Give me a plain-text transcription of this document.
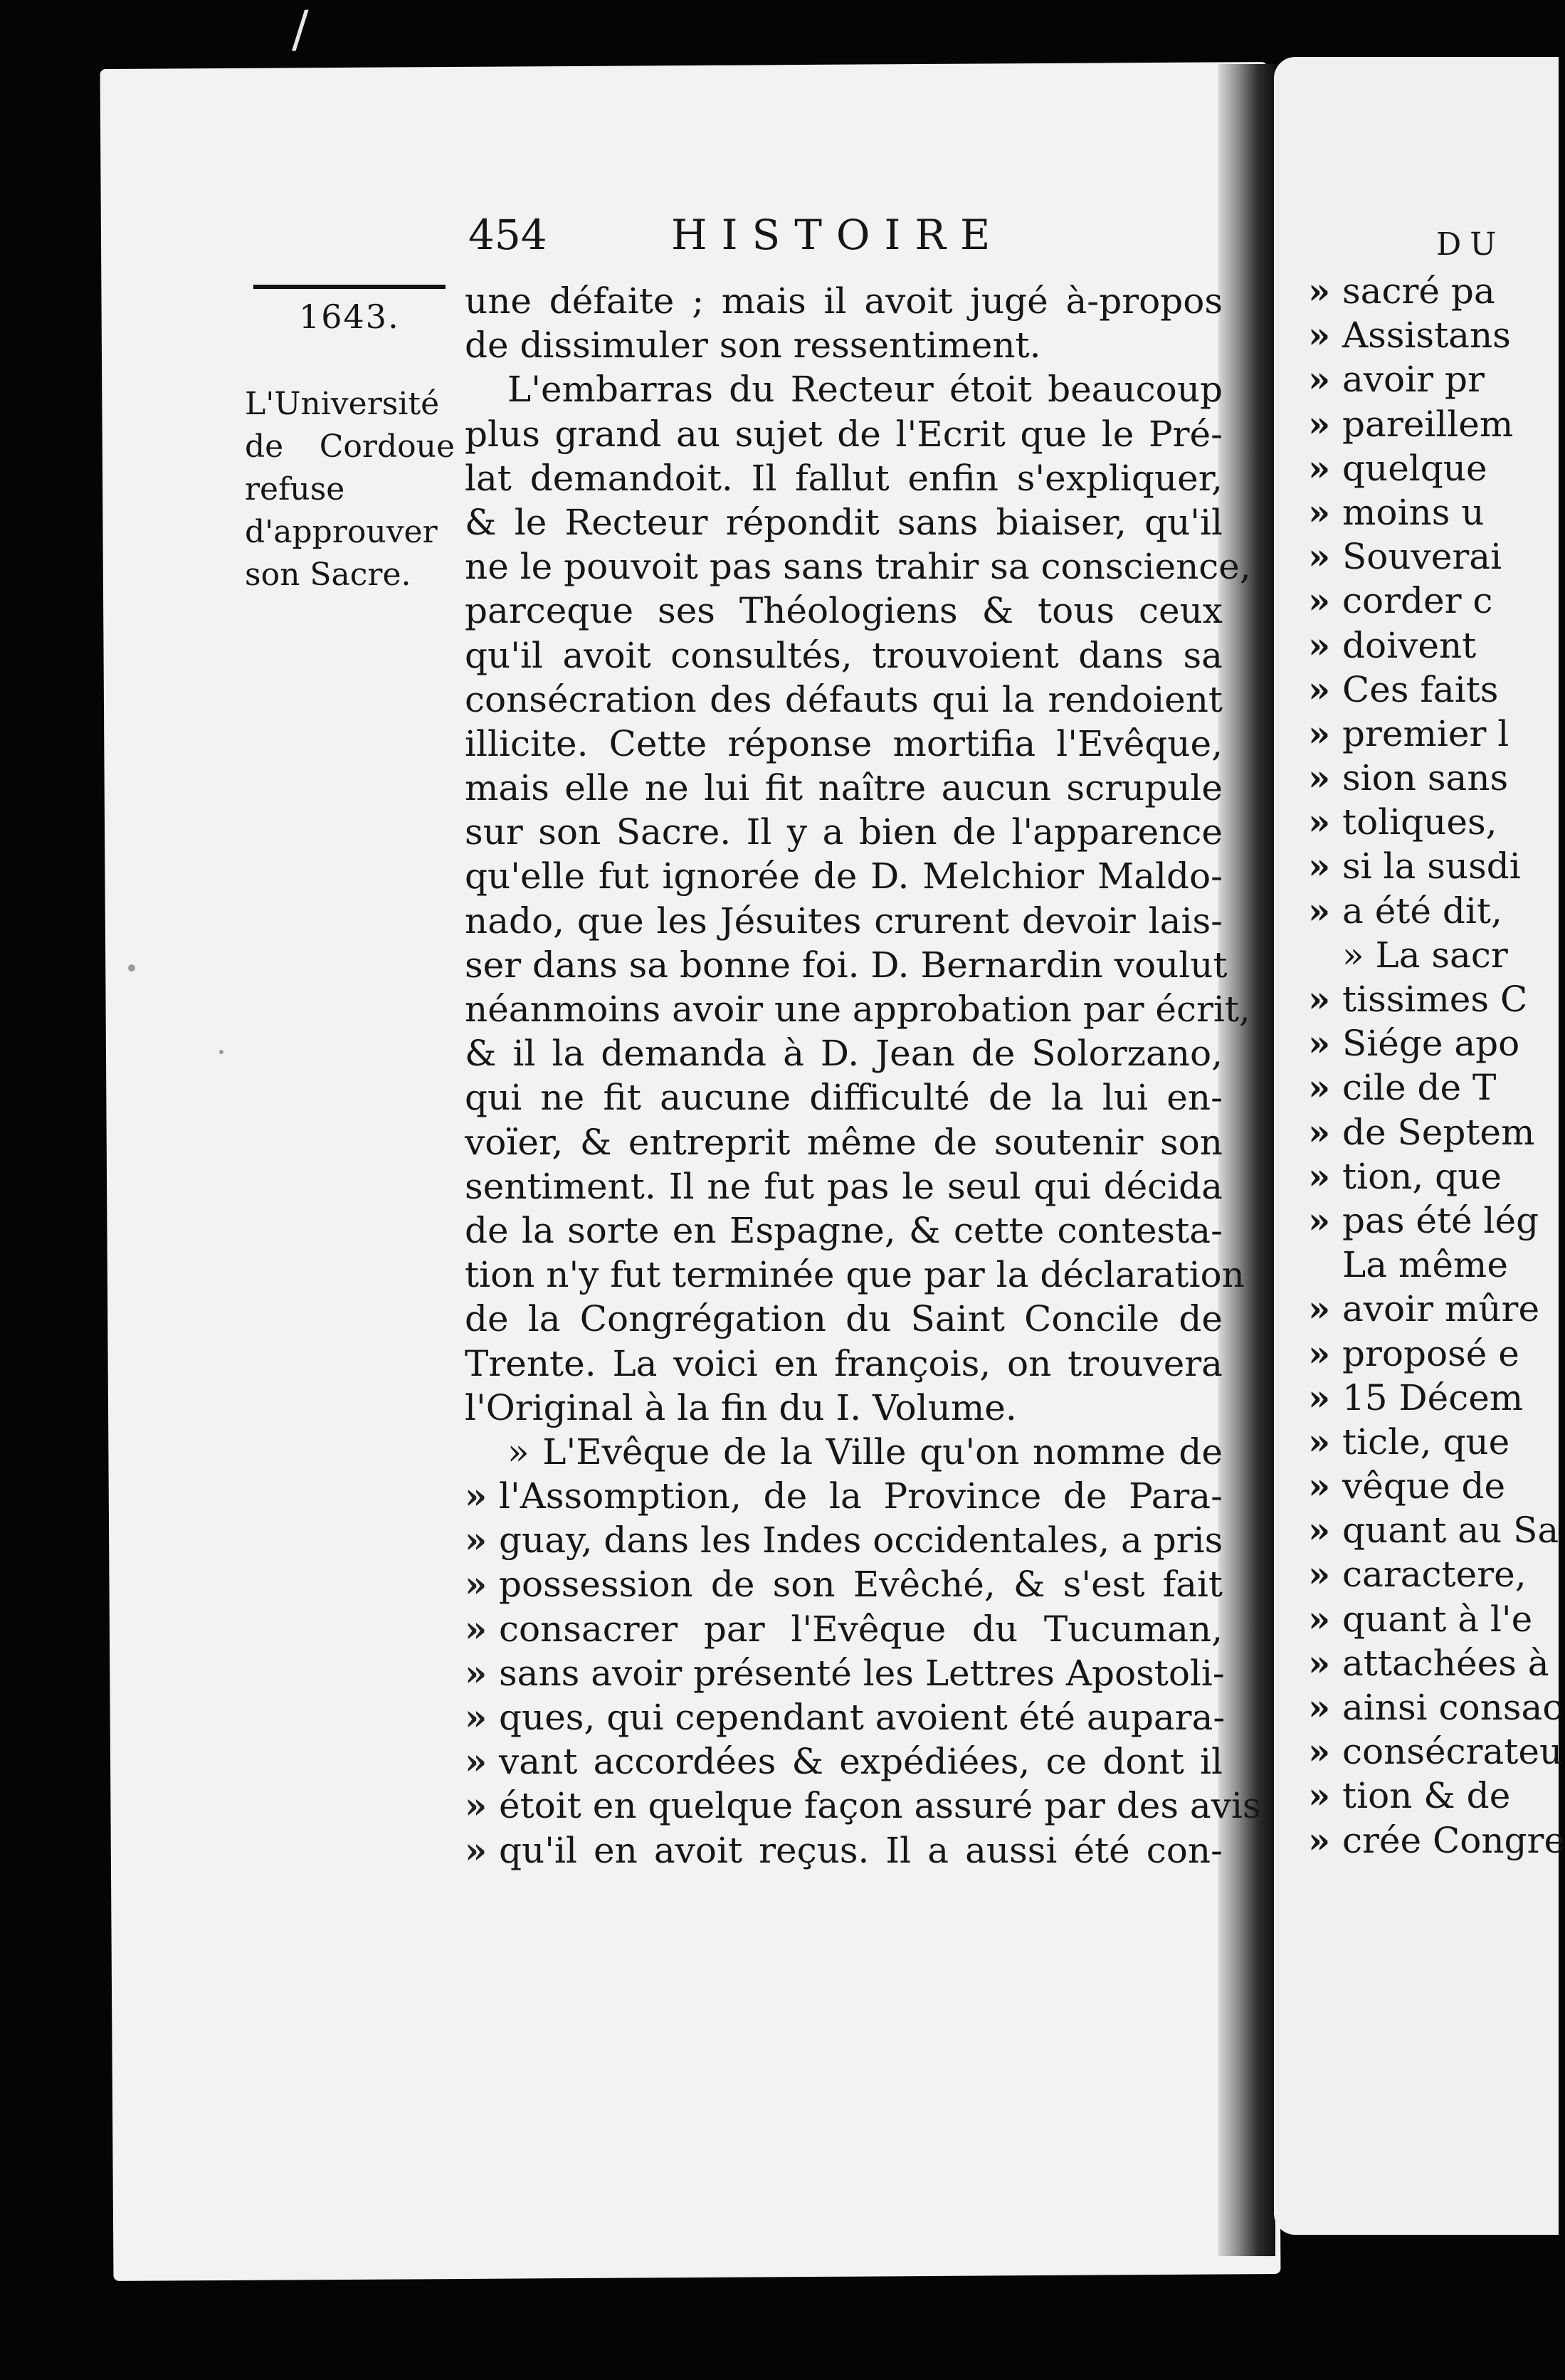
/
454	HISTOIRE
1643.

L'Université de Cordoue refuse d'approuver son Sacre.

une défaite ; mais il avoit jugé à-propos
de dissimuler son ressentiment.
L'embarras du Recteur étoit beaucoup
plus grand au sujet de l'Ecrit que le Pré-
lat demandoit. Il fallut enfin s'expliquer,
& le Recteur répondit sans biaiser, qu'il
ne le pouvoit pas sans trahir sa conscience,
parceque ses Théologiens & tous ceux
qu'il avoit consultés, trouvoient dans sa
consécration des défauts qui la rendoient
illicite. Cette réponse mortifia l'Evêque,
mais elle ne lui fit naître aucun scrupule
sur son Sacre. Il y a bien de l'apparence
qu'elle fut ignorée de D. Melchior Maldo-
nado, que les Jésuites crurent devoir lais-
ser dans sa bonne foi. D. Bernardin voulut
néanmoins avoir une approbation par écrit,
& il la demanda à D. Jean de Solorzano,
qui ne fit aucune difficulté de la lui en-
voïer, & entreprit même de soutenir son
sentiment. Il ne fut pas le seul qui décida
de la sorte en Espagne, & cette contesta-
tion n'y fut terminée que par la déclaration
de la Congrégation du Saint Concile de
Trente. La voici en françois, on trouvera
l'Original à la fin du I. Volume.
» L'Evêque de la Ville qu'on nomme de
» l'Assomption, de la Province de Para-
» guay, dans les Indes occidentales, a pris
» possession de son Evêché, & s'est fait
» consacrer par l'Evêque du Tucuman,
» sans avoir présenté les Lettres Apostoli-
» ques, qui cependant avoient été aupara-
» vant accordées & expédiées, ce dont il
» étoit en quelque façon assuré par des avis
» qu'il en avoit reçus. Il a aussi été con-
DU
» sacré pa
» Assistans
» avoir pr
» pareillem
» quelque
» moins u
» Souverai
» corder c
» doivent
» Ces faits
» premier l
» sion sans
» toliques,
» si la susdi
» a été dit,
» La sacr
» tissimes C
» Siége apo
» cile de T
» de Septem
» tion, que
» pas été lég
La même
» avoir mûre
» proposé e
» 15 Décem
» ticle, que
» vêque de
» quant au Sa
» caractere,
» quant à l'e
» attachées à
» ainsi consac
» consécrateu
» tion & de
» crée Congre
